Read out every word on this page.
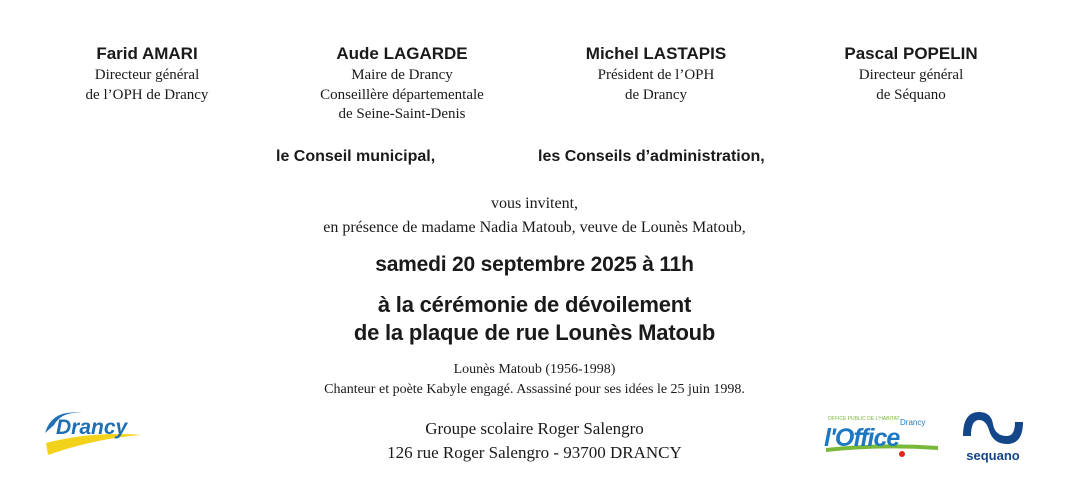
Farid AMARI
Directeur général
de l’OPH de Drancy
Aude LAGARDE
Maire de Drancy
Conseillère départementale
de Seine-Saint-Denis
Michel LASTAPIS
Président de l’OPH
de Drancy
Pascal POPELIN
Directeur général
de Séquano
le Conseil municipal,	les Conseils d’administration,
vous invitent,
en présence de madame Nadia Matoub, veuve de Lounès Matoub,
samedi 20 septembre 2025 à 11h
à la cérémonie de dévoilement
de la plaque de rue Lounès Matoub
Lounès Matoub (1956-1998)
Chanteur et poète Kabyle engagé. Assassiné pour ses idées le 25 juin 1998.
Groupe scolaire Roger Salengro
126 rue Roger Salengro - 93700 DRANCY
Drancy	OFFICE PUBLIC DE L'HABITAT Drancy
l'Office
sequano
